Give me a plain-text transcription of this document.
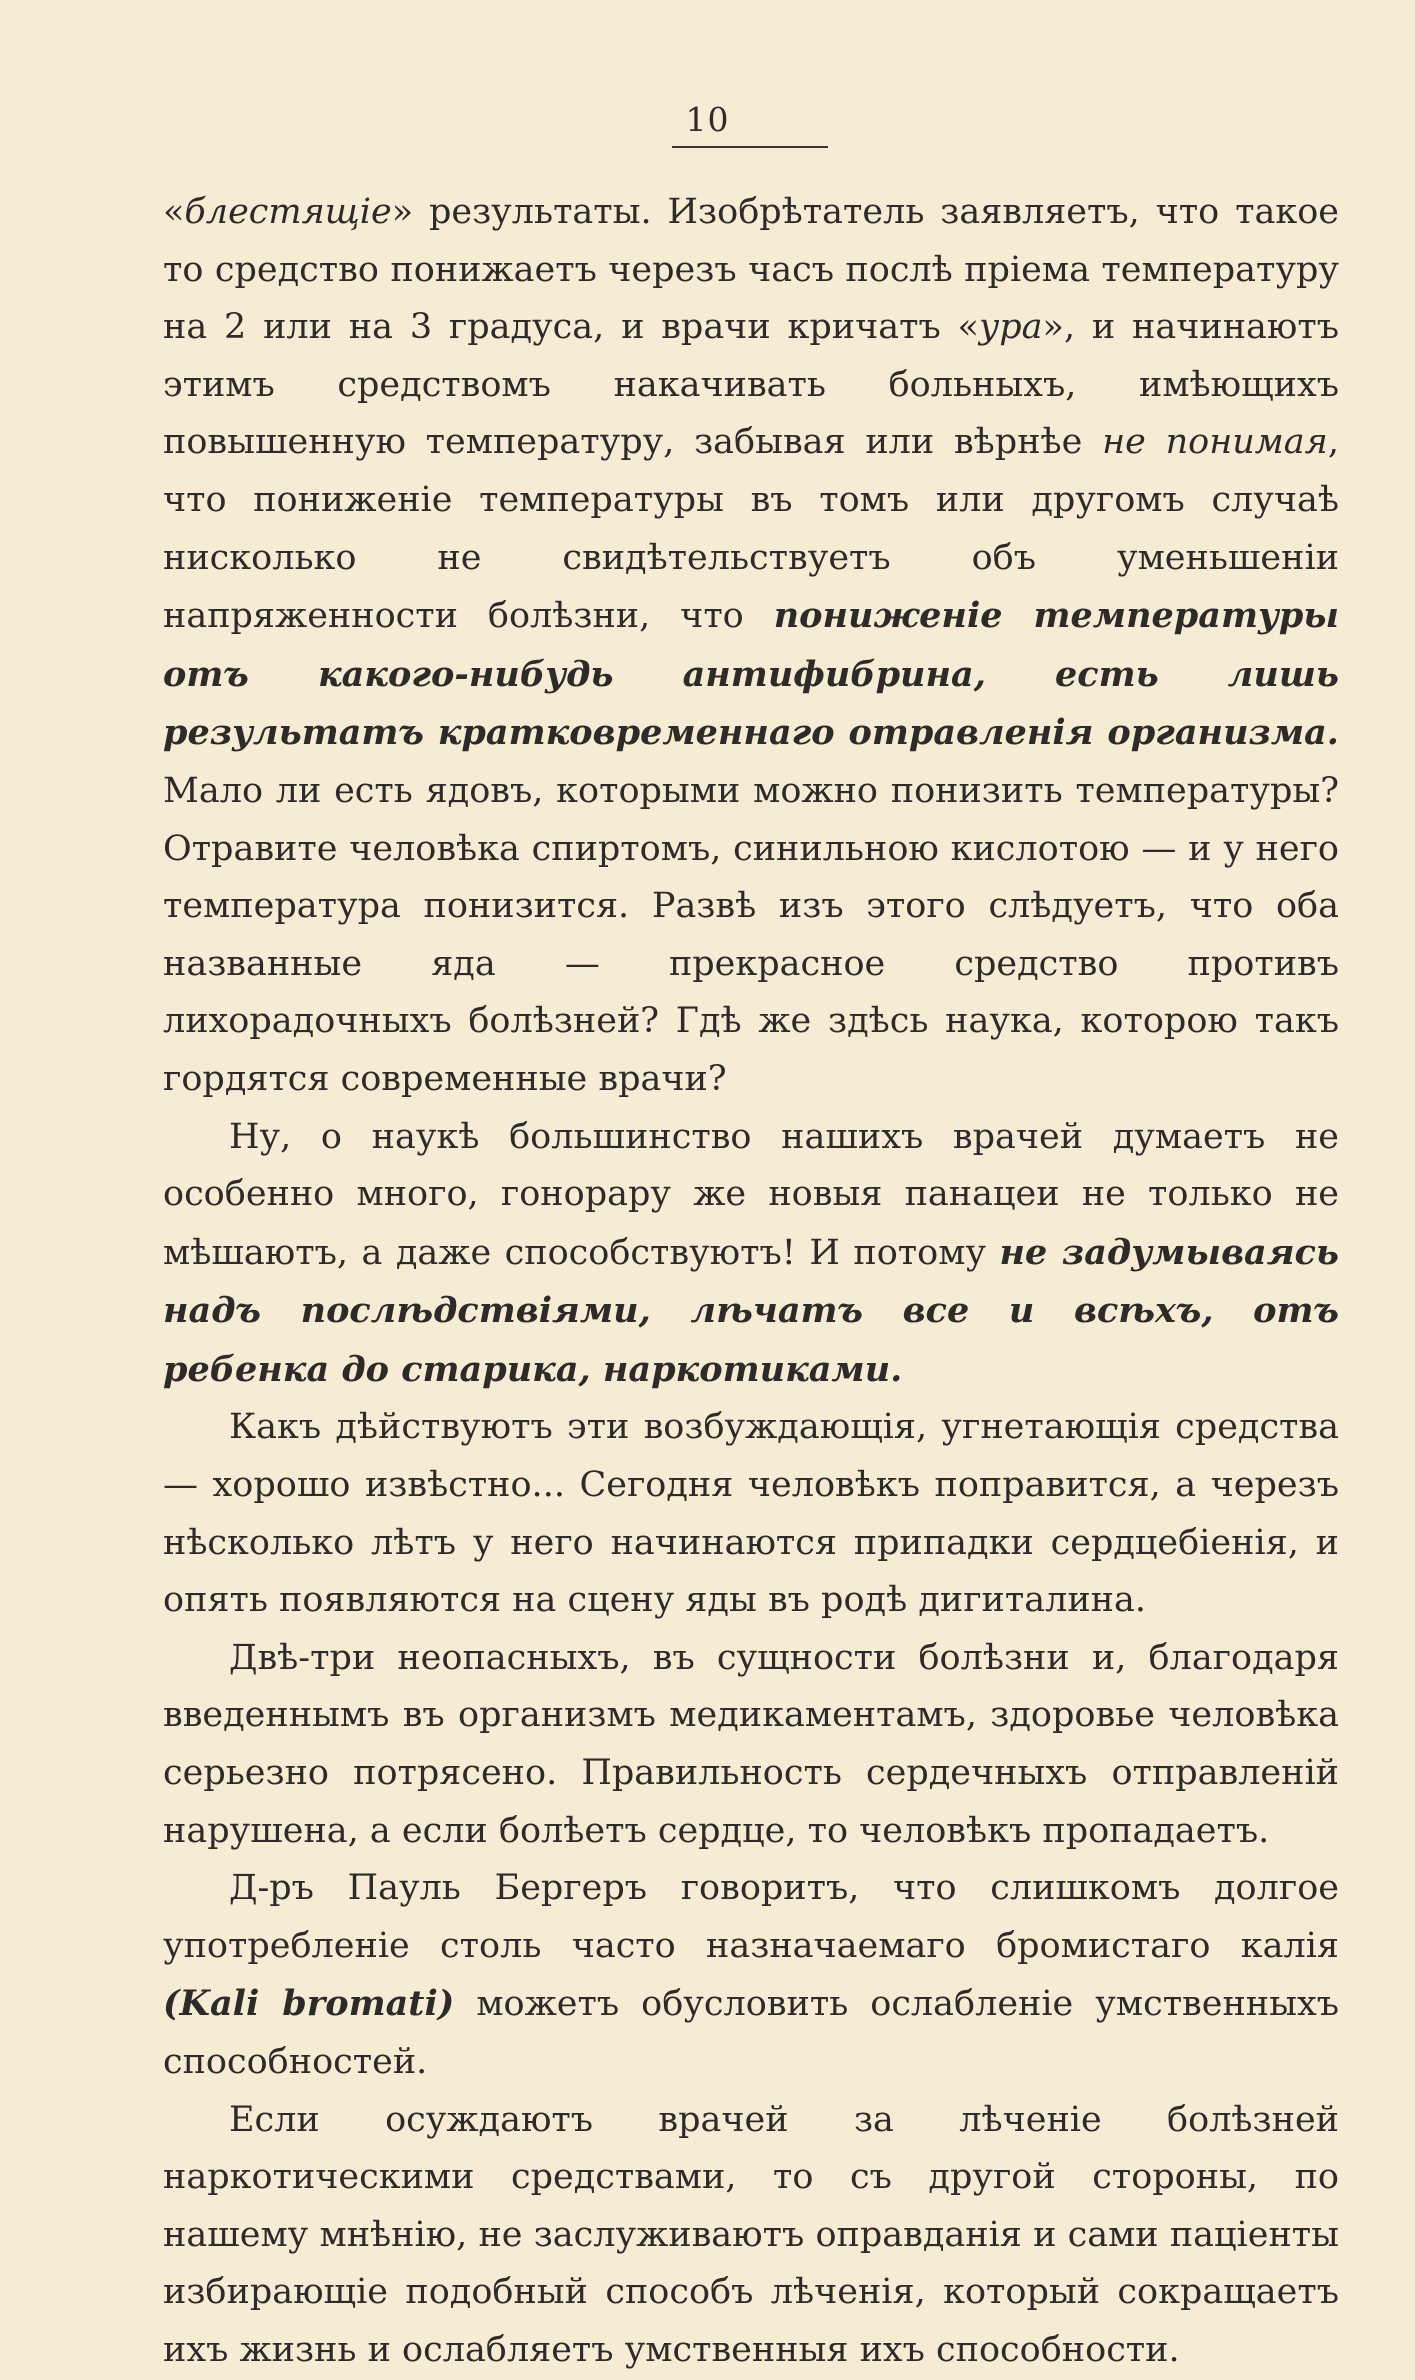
10

«блестящіе» результаты. Изобрѣтатель заявляетъ, что такое то средство понижаетъ черезъ часъ послѣ пріема температуру на 2 или на 3 градуса, и врачи кричатъ «ура», и начинаютъ этимъ средствомъ накачивать больныхъ, имѣющихъ повышенную температуру, забывая или вѣрнѣе не понимая, что пониженіе температуры въ томъ или другомъ случаѣ нисколько не свидѣтельствуетъ объ уменьшеніи напряженности болѣзни, что пониженіе температуры отъ какого-нибудь антифибрина, есть лишь результатъ кратковременнаго отравленія организма. Мало ли есть ядовъ, которыми можно понизить температуры? Отравите человѣка спиртомъ, синильною кислотою — и у него температура понизится. Развѣ изъ этого слѣдуетъ, что оба названные яда — прекрасное средство противъ лихорадочныхъ болѣзней? Гдѣ же здѣсь наука, которою такъ гордятся современные врачи?

Ну, о наукѣ большинство нашихъ врачей думаетъ не особенно много, гонорару же новыя панацеи не только не мѣшаютъ, а даже способствуютъ! И потому не задумываясь надъ послѣдствіями, лѣчатъ все и всѣхъ, отъ ребенка до старика, наркотиками.

Какъ дѣйствуютъ эти возбуждающія, угнетающія средства — хорошо извѣстно... Сегодня человѣкъ поправится, а черезъ нѣсколько лѣтъ у него начинаются припадки сердцебіенія, и опять появляются на сцену яды въ родѣ дигиталина.

Двѣ-три неопасныхъ, въ сущности болѣзни и, благодаря введеннымъ въ организмъ медикаментамъ, здоровье человѣка серьезно потрясено. Правильность сердечныхъ отправленій нарушена, а если болѣетъ сердце, то человѣкъ пропадаетъ.

Д-ръ Пауль Бергеръ говоритъ, что слишкомъ долгое употребленіе столь часто назначаемаго бромистаго калія (Kali bromati) можетъ обусловить ослабленіе умственныхъ способностей.

Если осуждаютъ врачей за лѣченіе болѣзней наркотическими средствами, то съ другой стороны, по нашему мнѣнію, не заслуживаютъ оправданія и сами паціенты избирающіе подобный способъ лѣченія, который сокращаетъ ихъ жизнь и ослабляетъ умственныя ихъ способности.
